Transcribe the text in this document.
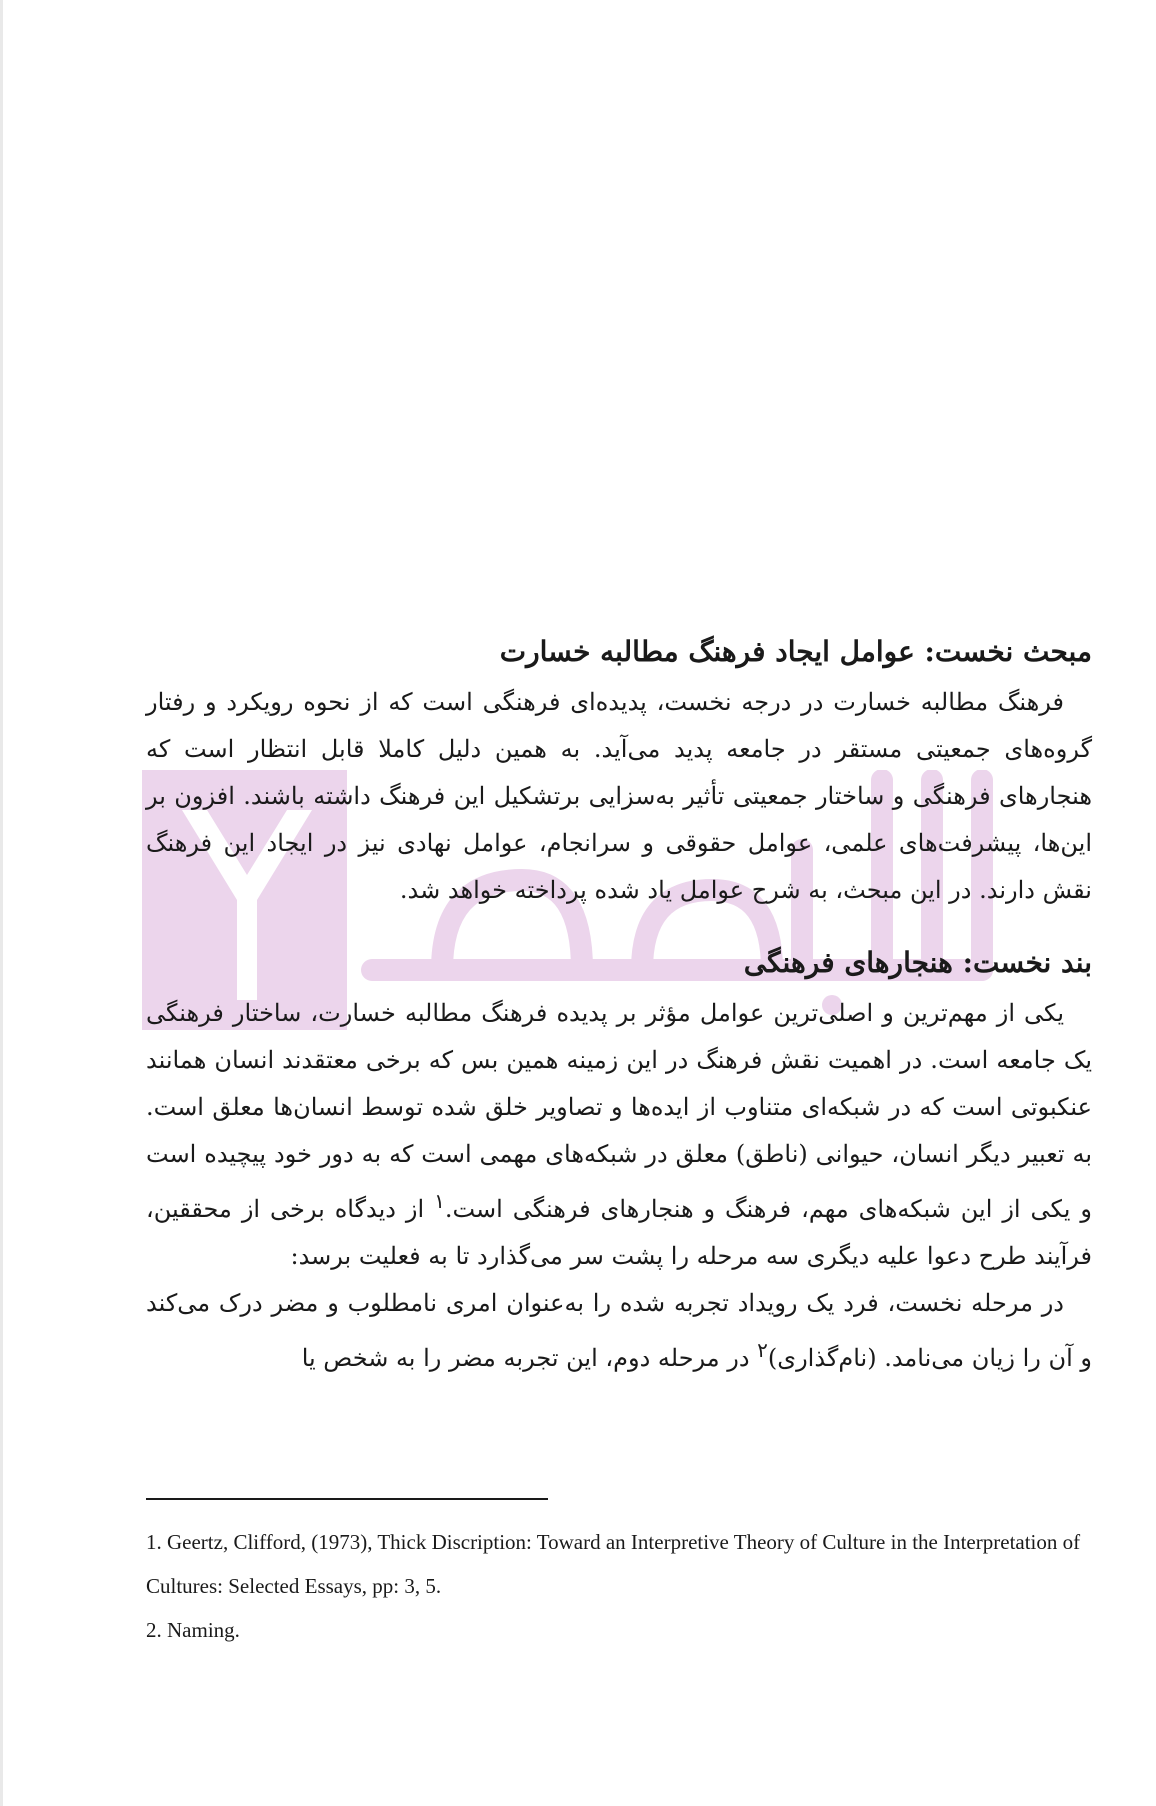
مبحث نخست: عوامل ایجاد فرهنگ مطالبه خسارت

فرهنگ مطالبه خسارت در درجه نخست، پدیده‌ای فرهنگی است که از نحوه رویکرد و رفتار گروه‌های جمعیتی مستقر در جامعه پدید می‌آید. به همین دلیل کاملا قابل انتظار است که هنجارهای فرهنگی و ساختار جمعیتی تأثیر به‌سزایی برتشکیل این فرهنگ داشته باشند. افزون بر این‌ها، پیشرفت‌های علمی، عوامل حقوقی و سرانجام، عوامل نهادی نیز در ایجاد این فرهنگ نقش دارند. در این مبحث، به شرح عوامل یاد شده پرداخته خواهد شد.

بند نخست: هنجارهای فرهنگی

یکی از مهم‌ترین و اصلی‌ترین عوامل مؤثر بر پدیده فرهنگ مطالبه خسارت، ساختار فرهنگی یک جامعه است. در اهمیت نقش فرهنگ در این زمینه همین بس که برخی معتقدند انسان همانند عنکبوتی است که در شبکه‌ای متناوب از ایده‌ها و تصاویر خلق شده توسط انسان‌ها معلق است. به تعبیر دیگر انسان، حیوانی (ناطق) معلق در شبکه‌های مهمی است که به دور خود پیچیده است و یکی از این شبکه‌های مهم، فرهنگ و هنجارهای فرهنگی است.$^۱$ از دیدگاه برخی از محققین، فرآیند طرح دعوا علیه دیگری سه مرحله را پشت سر می‌گذارد تا به فعلیت برسد:

در مرحله نخست، فرد یک رویداد تجربه شده را به‌عنوان امری نامطلوب و مضر درک می‌کند و آن را زیان می‌نامد. (نام‌گذاری)$^۲$ در مرحله دوم، این تجربه مضر را به شخص یا

1. Geertz, Clifford, (1973), Thick Discription: Toward an Interpretive Theory of Culture in the Interpretation of Cultures: Selected Essays, pp: 3, 5.

2. Naming.
